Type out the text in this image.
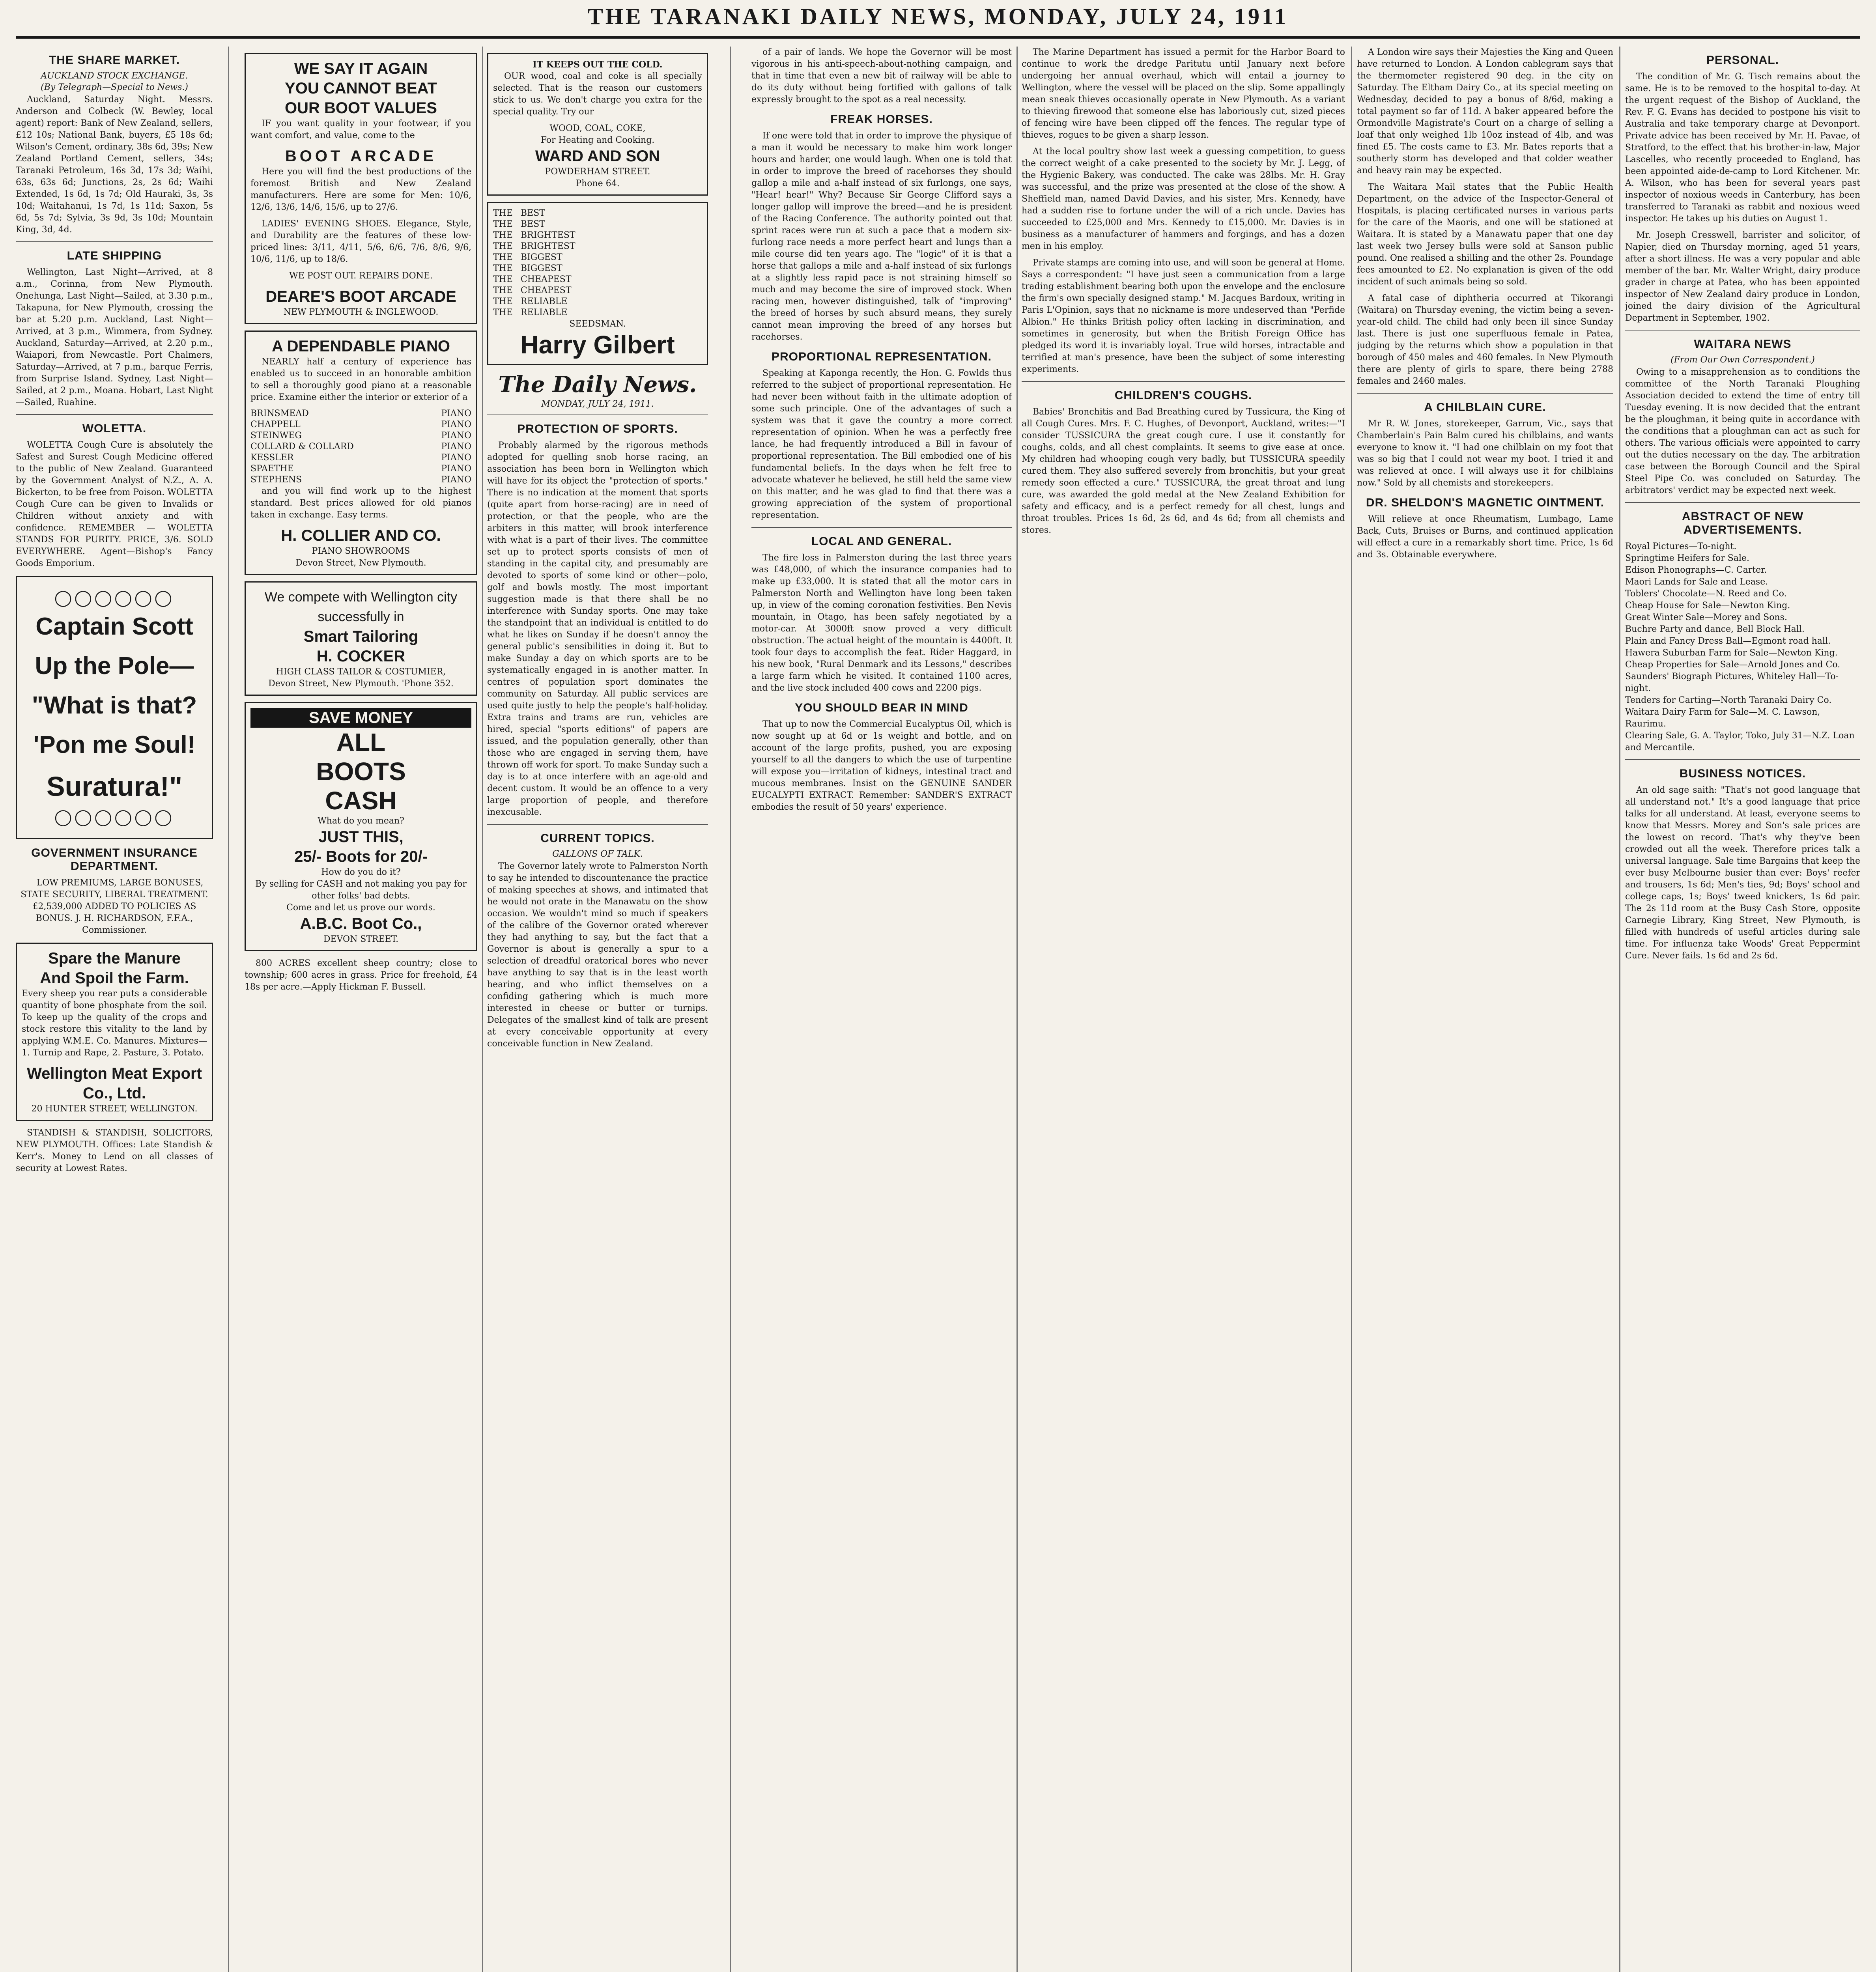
THE TARANAKI DAILY NEWS, MONDAY, JULY 24, 1911
THE SHARE MARKET.
AUCKLAND STOCK EXCHANGE.
(By Telegraph—Special to News.)

Auckland, Saturday Night. Messrs. Anderson and Colbeck (W. Bewley, local agent) report: Bank of New Zealand, sellers, £12 10s; National Bank, buyers, £5 18s 6d; Wilson's Cement, ordinary, 38s 6d, 39s; New Zealand Portland Cement, sellers, 34s; Taranaki Petroleum, 16s 3d, 17s 3d; Waihi, 63s, 63s 6d; Junctions, 2s, 2s 6d; Waihi Extended, 1s 6d, 1s 7d; Old Hauraki, 3s, 3s 10d; Waitahanui, 1s 7d, 1s 11d; Saxon, 5s 6d, 5s 7d; Sylvia, 3s 9d, 3s 10d; Mountain King, 3d, 4d.

LATE SHIPPING

Wellington, Last Night—Arrived, at 8 a.m., Corinna, from New Plymouth. Onehunga, Last Night—Sailed, at 3.30 p.m., Takapuna, for New Plymouth, crossing the bar at 5.20 p.m. Auckland, Last Night—Arrived, at 3 p.m., Wimmera, from Sydney. Auckland, Saturday—Arrived, at 2.20 p.m., Waiapori, from Newcastle. Port Chalmers, Saturday—Arrived, at 7 p.m., barque Ferris, from Surprise Island. Sydney, Last Night—Sailed, at 2 p.m., Moana. Hobart, Last Night—Sailed, Ruahine.

WOLETTA.

WOLETTA Cough Cure is absolutely the Safest and Surest Cough Medicine offered to the public of New Zealand. Guaranteed by the Government Analyst of N.Z., A. A. Bickerton, to be free from Poison. WOLETTA Cough Cure can be given to Invalids or Children without anxiety and with confidence. REMEMBER — WOLETTA STANDS FOR PURITY. PRICE, 3/6. SOLD EVERYWHERE. Agent—Bishop's Fancy Goods Emporium.

◯◯◯◯◯◯
Captain Scott
Up the Pole—
"What is that?
'Pon me Soul!
Suratura!"
◯◯◯◯◯◯
GOVERNMENT INSURANCE DEPARTMENT.

LOW PREMIUMS, LARGE BONUSES, STATE SECURITY, LIBERAL TREATMENT. £2,539,000 ADDED TO POLICIES AS BONUS. J. H. RICHARDSON, F.F.A., Commissioner.

Spare the Manure
And Spoil the Farm.

Every sheep you rear puts a considerable quantity of bone phosphate from the soil. To keep up the quality of the crops and stock restore this vitality to the land by applying W.M.E. Co. Manures. Mixtures—1. Turnip and Rape, 2. Pasture, 3. Potato.

Wellington Meat Export Co., Ltd.
20 HUNTER STREET, WELLINGTON.

STANDISH & STANDISH, SOLICITORS, NEW PLYMOUTH. Offices: Late Standish & Kerr's. Money to Lend on all classes of security at Lowest Rates.

WE SAY IT AGAIN
YOU CANNOT BEAT
OUR BOOT VALUES

IF you want quality in your footwear, if you want comfort, and value, come to the

BOOT ARCADE

Here you will find the best productions of the foremost British and New Zealand manufacturers. Here are some for Men: 10/6, 12/6, 13/6, 14/6, 15/6, up to 27/6.

LADIES' EVENING SHOES. Elegance, Style, and Durability are the features of these low-priced lines: 3/11, 4/11, 5/6, 6/6, 7/6, 8/6, 9/6, 10/6, 11/6, up to 18/6.

WE POST OUT. REPAIRS DONE.
DEARE'S BOOT ARCADE
NEW PLYMOUTH & INGLEWOOD.
A DEPENDABLE PIANO

NEARLY half a century of experience has enabled us to succeed in an honorable ambition to sell a thoroughly good piano at a reasonable price. Examine either the interior or exterior of a

BRINSMEAD	PIANO
CHAPPELL	PIANO
STEINWEG	PIANO
COLLARD & COLLARD	PIANO
KESSLER	PIANO
SPAETHE	PIANO
STEPHENS	PIANO

and you will find work up to the highest standard. Best prices allowed for old pianos taken in exchange. Easy terms.

H. COLLIER AND CO.
PIANO SHOWROOMS
Devon Street, New Plymouth.
We compete with Wellington city successfully in
Smart Tailoring
H. COCKER
HIGH CLASS TAILOR & COSTUMIER,
Devon Street, New Plymouth. 'Phone 352.
SAVE MONEY
ALL
BOOTS
CASH
What do you mean?
JUST THIS,
25/- Boots for 20/-
How do you do it?
By selling for CASH and not making you pay for other folks' bad debts.
Come and let us prove our words.
A.B.C. Boot Co.,
DEVON STREET.

800 ACRES excellent sheep country; close to township; 600 acres in grass. Price for freehold, £4 18s per acre.—Apply Hickman F. Bussell.

IT KEEPS OUT THE COLD.

OUR wood, coal and coke is all specially selected. That is the reason our customers stick to us. We don't charge you extra for the special quality. Try our

WOOD, COAL, COKE,
For Heating and Cooking.
WARD AND SON
POWDERHAM STREET.
Phone 64.
THE BEST
THE BEST
THE BRIGHTEST
THE BRIGHTEST
THE BIGGEST
THE BIGGEST
THE CHEAPEST
THE CHEAPEST
THE RELIABLE
THE RELIABLE
SEEDSMAN.
Harry Gilbert
The Daily News.
MONDAY, JULY 24, 1911.
PROTECTION OF SPORTS.

Probably alarmed by the rigorous methods adopted for quelling snob horse racing, an association has been born in Wellington which will have for its object the "protection of sports." There is no indication at the moment that sports (quite apart from horse-racing) are in need of protection, or that the people, who are the arbiters in this matter, will brook interference with what is a part of their lives. The committee set up to protect sports consists of men of standing in the capital city, and presumably are devoted to sports of some kind or other—polo, golf and bowls mostly. The most important suggestion made is that there shall be no interference with Sunday sports. One may take the standpoint that an individual is entitled to do what he likes on Sunday if he doesn't annoy the general public's sensibilities in doing it. But to make Sunday a day on which sports are to be systematically engaged in is another matter. In centres of population sport dominates the community on Saturday. All public services are used quite justly to help the people's half-holiday. Extra trains and trams are run, vehicles are hired, special "sports editions" of papers are issued, and the population generally, other than those who are engaged in serving them, have thrown off work for sport. To make Sunday such a day is to at once interfere with an age-old and decent custom. It would be an offence to a very large proportion of people, and therefore inexcusable.

CURRENT TOPICS.
GALLONS OF TALK.

The Governor lately wrote to Palmerston North to say he intended to discountenance the practice of making speeches at shows, and intimated that he would not orate in the Manawatu on the show occasion. We wouldn't mind so much if speakers of the calibre of the Governor orated wherever they had anything to say, but the fact that a Governor is about is generally a spur to a selection of dreadful oratorical bores who never have anything to say that is in the least worth hearing, and who inflict themselves on a confiding gathering which is much more interested in cheese or butter or turnips. Delegates of the smallest kind of talk are present at every conceivable opportunity at every conceivable function in New Zealand.

of a pair of lands. We hope the Governor will be most vigorous in his anti-speech-about-nothing campaign, and that in time that even a new bit of railway will be able to do its duty without being fortified with gallons of talk expressly brought to the spot as a real necessity.

FREAK HORSES.

If one were told that in order to improve the physique of a man it would be necessary to make him work longer hours and harder, one would laugh. When one is told that in order to improve the breed of racehorses they should gallop a mile and a-half instead of six furlongs, one says, "Hear! hear!" Why? Because Sir George Clifford says a longer gallop will improve the breed—and he is president of the Racing Conference. The authority pointed out that sprint races were run at such a pace that a modern six-furlong race needs a more perfect heart and lungs than a mile course did ten years ago. The "logic" of it is that a horse that gallops a mile and a-half instead of six furlongs at a slightly less rapid pace is not straining himself so much and may become the sire of improved stock. When racing men, however distinguished, talk of "improving" the breed of horses by such absurd means, they surely cannot mean improving the breed of any horses but racehorses.

PROPORTIONAL REPRESENTATION.

Speaking at Kaponga recently, the Hon. G. Fowlds thus referred to the subject of proportional representation. He had never been without faith in the ultimate adoption of some such principle. One of the advantages of such a system was that it gave the country a more correct representation of opinion. When he was a perfectly free lance, he had frequently introduced a Bill in favour of proportional representation. The Bill embodied one of his fundamental beliefs. In the days when he felt free to advocate whatever he believed, he still held the same view on this matter, and he was glad to find that there was a growing appreciation of the system of proportional representation.

LOCAL AND GENERAL.

The fire loss in Palmerston during the last three years was £48,000, of which the insurance companies had to make up £33,000. It is stated that all the motor cars in Palmerston North and Wellington have long been taken up, in view of the coming coronation festivities. Ben Nevis mountain, in Otago, has been safely negotiated by a motor-car. At 3000ft snow proved a very difficult obstruction. The actual height of the mountain is 4400ft. It took four days to accomplish the feat. Rider Haggard, in his new book, "Rural Denmark and its Lessons," describes a large farm which he visited. It contained 1100 acres, and the live stock included 400 cows and 2200 pigs.

YOU SHOULD BEAR IN MIND

That up to now the Commercial Eucalyptus Oil, which is now sought up at 6d or 1s weight and bottle, and on account of the large profits, pushed, you are exposing yourself to all the dangers to which the use of turpentine will expose you—irritation of kidneys, intestinal tract and mucous membranes. Insist on the GENUINE SANDER EUCALYPTI EXTRACT. Remember: SANDER'S EXTRACT embodies the result of 50 years' experience.

The Marine Department has issued a permit for the Harbor Board to continue to work the dredge Paritutu until January next before undergoing her annual overhaul, which will entail a journey to Wellington, where the vessel will be placed on the slip. Some appallingly mean sneak thieves occasionally operate in New Plymouth. As a variant to thieving firewood that someone else has laboriously cut, sized pieces of fencing wire have been clipped off the fences. The regular type of thieves, rogues to be given a sharp lesson.

At the local poultry show last week a guessing competition, to guess the correct weight of a cake presented to the society by Mr. J. Legg, of the Hygienic Bakery, was conducted. The cake was 28lbs. Mr. H. Gray was successful, and the prize was presented at the close of the show. A Sheffield man, named David Davies, and his sister, Mrs. Kennedy, have had a sudden rise to fortune under the will of a rich uncle. Davies has succeeded to £25,000 and Mrs. Kennedy to £15,000. Mr. Davies is in business as a manufacturer of hammers and forgings, and has a dozen men in his employ.

Private stamps are coming into use, and will soon be general at Home. Says a correspondent: "I have just seen a communication from a large trading establishment bearing both upon the envelope and the enclosure the firm's own specially designed stamp." M. Jacques Bardoux, writing in Paris L'Opinion, says that no nickname is more undeserved than "Perfide Albion." He thinks British policy often lacking in discrimination, and sometimes in generosity, but when the British Foreign Office has pledged its word it is invariably loyal. True wild horses, intractable and terrified at man's presence, have been the subject of some interesting experiments.

CHILDREN'S COUGHS.

Babies' Bronchitis and Bad Breathing cured by Tussicura, the King of all Cough Cures. Mrs. F. C. Hughes, of Devonport, Auckland, writes:—"I consider TUSSICURA the great cough cure. I use it constantly for coughs, colds, and all chest complaints. It seems to give ease at once. My children had whooping cough very badly, but TUSSICURA speedily cured them. They also suffered severely from bronchitis, but your great remedy soon effected a cure." TUSSICURA, the great throat and lung cure, was awarded the gold medal at the New Zealand Exhibition for safety and efficacy, and is a perfect remedy for all chest, lungs and throat troubles. Prices 1s 6d, 2s 6d, and 4s 6d; from all chemists and stores.

A London wire says their Majesties the King and Queen have returned to London. A London cablegram says that the thermometer registered 90 deg. in the city on Saturday. The Eltham Dairy Co., at its special meeting on Wednesday, decided to pay a bonus of 8/6d, making a total payment so far of 11d. A baker appeared before the Ormondville Magistrate's Court on a charge of selling a loaf that only weighed 1lb 10oz instead of 4lb, and was fined £5. The costs came to £3. Mr. Bates reports that a southerly storm has developed and that colder weather and heavy rain may be expected.

The Waitara Mail states that the Public Health Department, on the advice of the Inspector-General of Hospitals, is placing certificated nurses in various parts for the care of the Maoris, and one will be stationed at Waitara. It is stated by a Manawatu paper that one day last week two Jersey bulls were sold at Sanson public pound. One realised a shilling and the other 2s. Poundage fees amounted to £2. No explanation is given of the odd incident of such animals being so sold.

A fatal case of diphtheria occurred at Tikorangi (Waitara) on Thursday evening, the victim being a seven-year-old child. The child had only been ill since Sunday last. There is just one superfluous female in Patea, judging by the returns which show a population in that borough of 450 males and 460 females. In New Plymouth there are plenty of girls to spare, there being 2788 females and 2460 males.

A CHILBLAIN CURE.

Mr R. W. Jones, storekeeper, Garrum, Vic., says that Chamberlain's Pain Balm cured his chilblains, and wants everyone to know it. "I had one chilblain on my foot that was so big that I could not wear my boot. I tried it and was relieved at once. I will always use it for chilblains now." Sold by all chemists and storekeepers.

DR. SHELDON'S MAGNETIC OINTMENT.

Will relieve at once Rheumatism, Lumbago, Lame Back, Cuts, Bruises or Burns, and continued application will effect a cure in a remarkably short time. Price, 1s 6d and 3s. Obtainable everywhere.

PERSONAL.

The condition of Mr. G. Tisch remains about the same. He is to be removed to the hospital to-day. At the urgent request of the Bishop of Auckland, the Rev. F. G. Evans has decided to postpone his visit to Australia and take temporary charge at Devonport. Private advice has been received by Mr. H. Pavae, of Stratford, to the effect that his brother-in-law, Major Lascelles, who recently proceeded to England, has been appointed aide-de-camp to Lord Kitchener. Mr. A. Wilson, who has been for several years past inspector of noxious weeds in Canterbury, has been transferred to Taranaki as rabbit and noxious weed inspector. He takes up his duties on August 1.

Mr. Joseph Cresswell, barrister and solicitor, of Napier, died on Thursday morning, aged 51 years, after a short illness. He was a very popular and able member of the bar. Mr. Walter Wright, dairy produce grader in charge at Patea, who has been appointed inspector of New Zealand dairy produce in London, joined the dairy division of the Agricultural Department in September, 1902.

WAITARA NEWS
(From Our Own Correspondent.)

Owing to a misapprehension as to conditions the committee of the North Taranaki Ploughing Association decided to extend the time of entry till Tuesday evening. It is now decided that the entrant be the ploughman, it being quite in accordance with the conditions that a ploughman can act as such for others. The various officials were appointed to carry out the duties necessary on the day. The arbitration case between the Borough Council and the Spiral Steel Pipe Co. was concluded on Saturday. The arbitrators' verdict may be expected next week.

ABSTRACT OF NEW ADVERTISEMENTS.
Royal Pictures—To-night.
Springtime Heifers for Sale.
Edison Phonographs—C. Carter.
Maori Lands for Sale and Lease.
Toblers' Chocolate—N. Reed and Co.
Cheap House for Sale—Newton King.
Great Winter Sale—Morey and Sons.
Buchre Party and dance, Bell Block Hall.
Plain and Fancy Dress Ball—Egmont road hall.
Hawera Suburban Farm for Sale—Newton King.
Cheap Properties for Sale—Arnold Jones and Co.
Saunders' Biograph Pictures, Whiteley Hall—To-night.
Tenders for Carting—North Taranaki Dairy Co.
Waitara Dairy Farm for Sale—M. C. Lawson, Raurimu.
Clearing Sale, G. A. Taylor, Toko, July 31—N.Z. Loan and Mercantile.
BUSINESS NOTICES.

An old sage saith: "That's not good language that all understand not." It's a good language that price talks for all understand. At least, everyone seems to know that Messrs. Morey and Son's sale prices are the lowest on record. That's why they've been crowded out all the week. Therefore prices talk a universal language. Sale time Bargains that keep the ever busy Melbourne busier than ever: Boys' reefer and trousers, 1s 6d; Men's ties, 9d; Boys' school and college caps, 1s; Boys' tweed knickers, 1s 6d pair. The 2s 11d room at the Busy Cash Store, opposite Carnegie Library, King Street, New Plymouth, is filled with hundreds of useful articles during sale time. For influenza take Woods' Great Peppermint Cure. Never fails. 1s 6d and 2s 6d.
